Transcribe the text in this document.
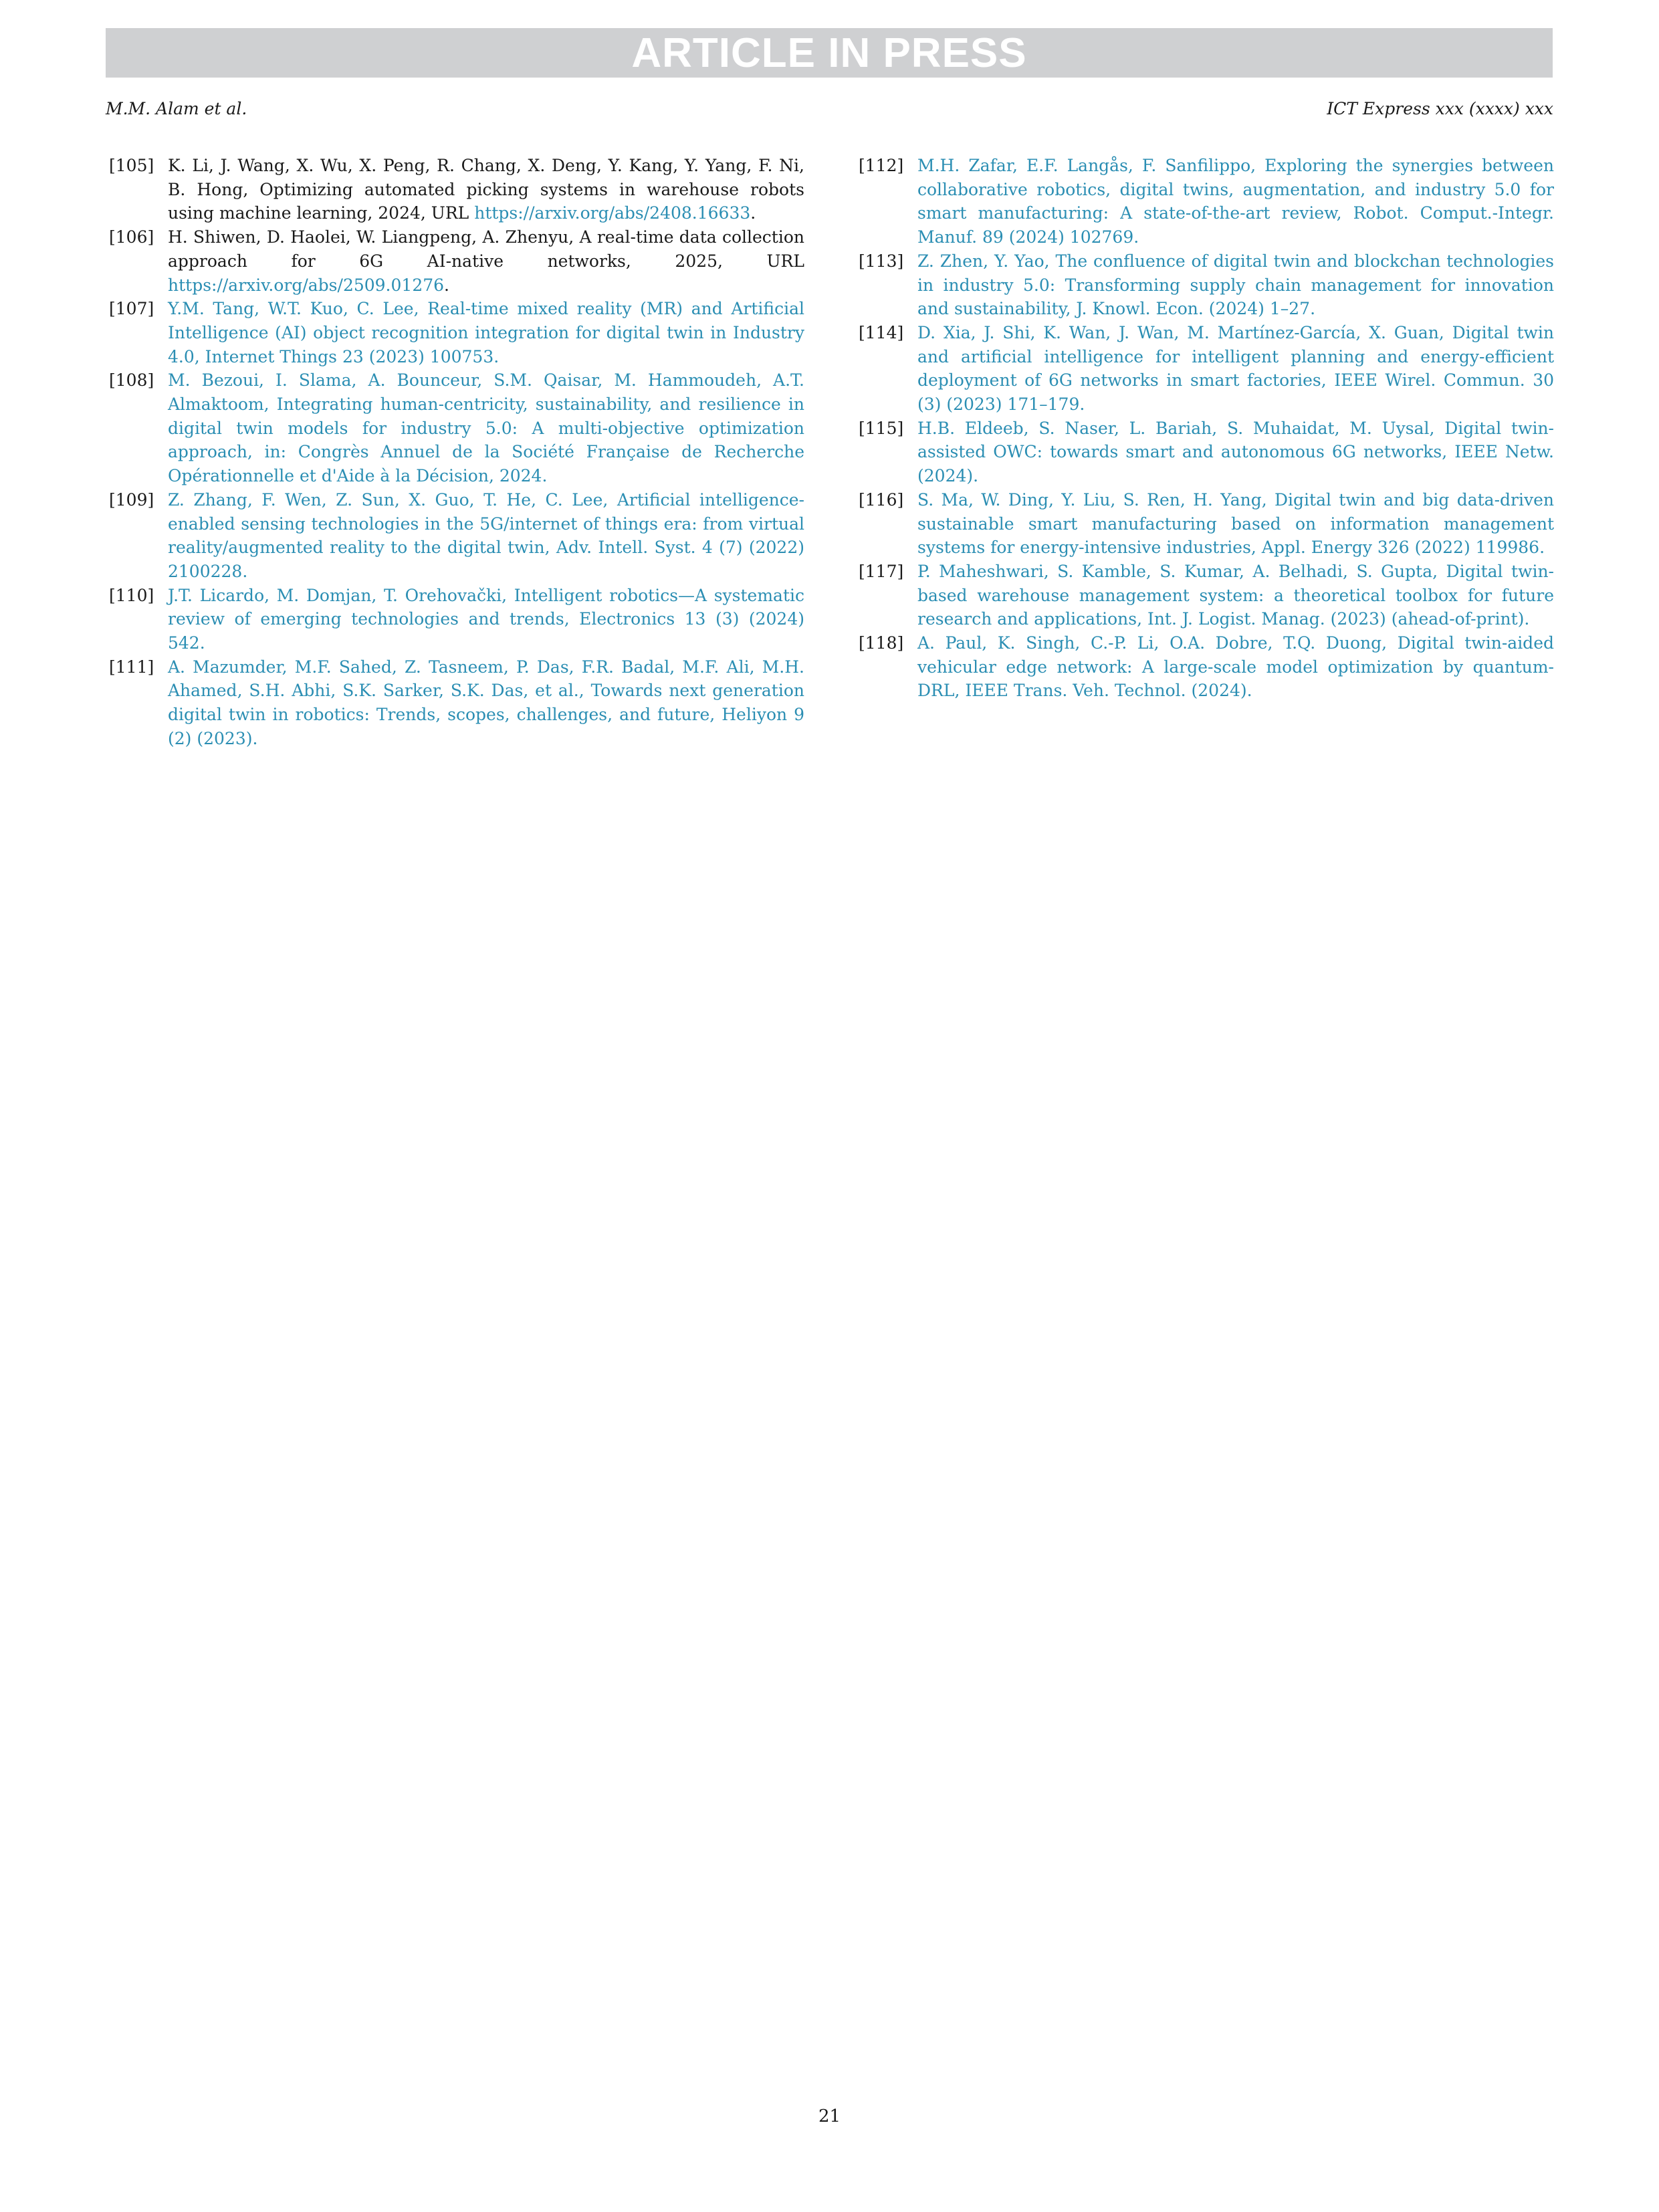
ARTICLE IN PRESS
M.M. Alam et al.	ICT Express xxx (xxxx) xxx
[105] K. Li, J. Wang, X. Wu, X. Peng, R. Chang, X. Deng, Y. Kang, Y. Yang, F. Ni, B. Hong, Optimizing automated picking systems in warehouse robots using machine learning, 2024, URL https://arxiv.org/abs/2408.16633.
[106] H. Shiwen, D. Haolei, W. Liangpeng, A. Zhenyu, A real-time data collection approach for 6G AI-native networks, 2025, URL https://arxiv.org/abs/2509.01276.
[107] Y.M. Tang, W.T. Kuo, C. Lee, Real-time mixed reality (MR) and Artificial Intelligence (AI) object recognition integration for digital twin in Industry 4.0, Internet Things 23 (2023) 100753.
[108] M. Bezoui, I. Slama, A. Bounceur, S.M. Qaisar, M. Hammoudeh, A.T. Almaktoom, Integrating human-centricity, sustainability, and resilience in digital twin models for industry 5.0: A multi-objective optimization approach, in: Congrès Annuel de la Société Française de Recherche Opérationnelle et d'Aide à la Décision, 2024.
[109] Z. Zhang, F. Wen, Z. Sun, X. Guo, T. He, C. Lee, Artificial intelligence-enabled sensing technologies in the 5G/internet of things era: from virtual reality/augmented reality to the digital twin, Adv. Intell. Syst. 4 (7) (2022) 2100228.
[110] J.T. Licardo, M. Domjan, T. Orehovački, Intelligent robotics—A systematic review of emerging technologies and trends, Electronics 13 (3) (2024) 542.
[111] A. Mazumder, M.F. Sahed, Z. Tasneem, P. Das, F.R. Badal, M.F. Ali, M.H. Ahamed, S.H. Abhi, S.K. Sarker, S.K. Das, et al., Towards next generation digital twin in robotics: Trends, scopes, challenges, and future, Heliyon 9 (2) (2023).
[112] M.H. Zafar, E.F. Langås, F. Sanfilippo, Exploring the synergies between collaborative robotics, digital twins, augmentation, and industry 5.0 for smart manufacturing: A state-of-the-art review, Robot. Comput.-Integr. Manuf. 89 (2024) 102769.
[113] Z. Zhen, Y. Yao, The confluence of digital twin and blockchan technologies in industry 5.0: Transforming supply chain management for innovation and sustainability, J. Knowl. Econ. (2024) 1–27.
[114] D. Xia, J. Shi, K. Wan, J. Wan, M. Martínez-García, X. Guan, Digital twin and artificial intelligence for intelligent planning and energy-efficient deployment of 6G networks in smart factories, IEEE Wirel. Commun. 30 (3) (2023) 171–179.
[115] H.B. Eldeeb, S. Naser, L. Bariah, S. Muhaidat, M. Uysal, Digital twin-assisted OWC: towards smart and autonomous 6G networks, IEEE Netw. (2024).
[116] S. Ma, W. Ding, Y. Liu, S. Ren, H. Yang, Digital twin and big data-driven sustainable smart manufacturing based on information management systems for energy-intensive industries, Appl. Energy 326 (2022) 119986.
[117] P. Maheshwari, S. Kamble, S. Kumar, A. Belhadi, S. Gupta, Digital twin-based warehouse management system: a theoretical toolbox for future research and applications, Int. J. Logist. Manag. (2023) (ahead-of-print).
[118] A. Paul, K. Singh, C.-P. Li, O.A. Dobre, T.Q. Duong, Digital twin-aided vehicular edge network: A large-scale model optimization by quantum-DRL, IEEE Trans. Veh. Technol. (2024).
21
